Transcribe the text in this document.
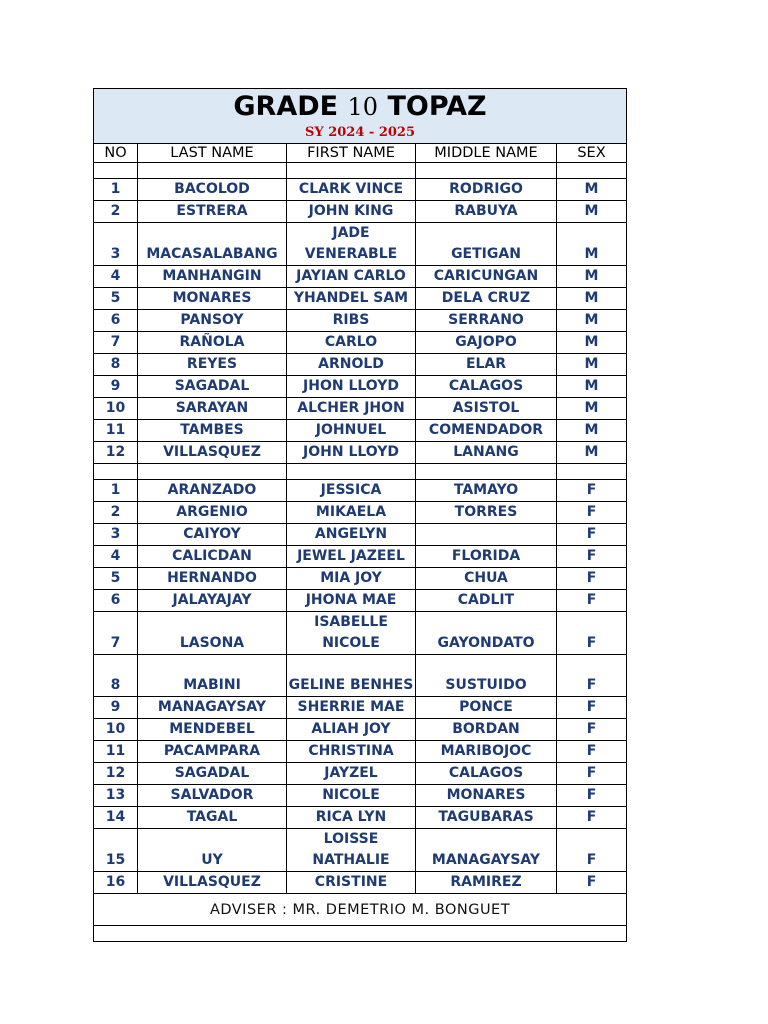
GRADE 10 TOPAZ
SY 2024 - 2025				

NO	LAST NAME	FIRST NAME	MIDDLE NAME	SEX

1	BACOLOD	CLARK VINCE	RODRIGO	M
2	ESTRERA	JOHN KING	RABUYA	M
3	MACASALABANG	JADE VENERABLE	GETIGAN	M
4	MANHANGIN	JAYIAN CARLO	CARICUNGAN	M
5	MONARES	YHANDEL SAM	DELA CRUZ	M
6	PANSOY	RIBS	SERRANO	M
7	RAÑOLA	CARLO	GAJOPO	M
8	REYES	ARNOLD	ELAR	M
9	SAGADAL	JHON LLOYD	CALAGOS	M
10	SARAYAN	ALCHER JHON	ASISTOL	M
11	TAMBES	JOHNUEL	COMENDADOR	M
12	VILLASQUEZ	JOHN LLOYD	LANANG	M

1	ARANZADO	JESSICA	TAMAYO	F
2	ARGENIO	MIKAELA	TORRES	F
3	CAIYOY	ANGELYN		F
4	CALICDAN	JEWEL JAZEEL	FLORIDA	F
5	HERNANDO	MIA JOY	CHUA	F
6	JALAYAJAY	JHONA MAE	CADLIT	F
7	LASONA	ISABELLE NICOLE	GAYONDATO	F
8	MABINI	GELINE BENHES	SUSTUIDO	F
9	MANAGAYSAY	SHERRIE MAE	PONCE	F
10	MENDEBEL	ALIAH JOY	BORDAN	F
11	PACAMPARA	CHRISTINA	MARIBOJOC	F
12	SAGADAL	JAYZEL	CALAGOS	F
13	SALVADOR	NICOLE	MONARES	F
14	TAGAL	RICA LYN	TAGUBARAS	F
15	UY	LOISSE NATHALIE	MANAGAYSAY	F
16	VILLASQUEZ	CRISTINE	RAMIREZ	F
ADVISER : MR. DEMETRIO M. BONGUET				
